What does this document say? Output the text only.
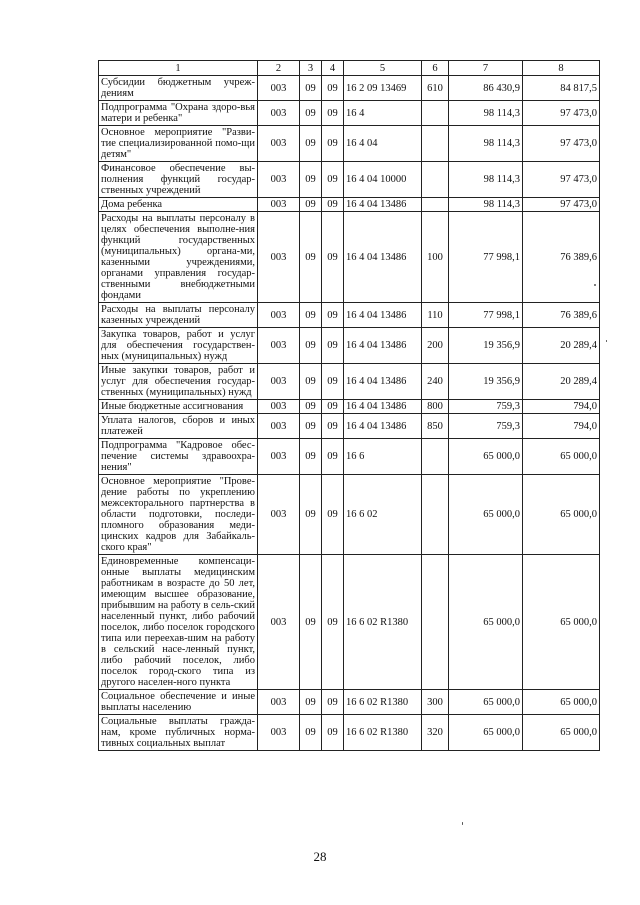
1	2	3	4	5	6	7	8
Субсидии бюджетным учреж-дениям	003	09	09	16 2 09 13469	610	86 430,9	84 817,5
Подпрограмма "Охрана здоро-вья матери и ребенка"	003	09	09	16 4		98 114,3	97 473,0
Основное мероприятие "Разви-тие специализированной помо-щи детям"	003	09	09	16 4 04		98 114,3	97 473,0
Финансовое обеспечение вы-полнения функций государ-ственных учреждений	003	09	09	16 4 04 10000		98 114,3	97 473,0
Дома ребенка	003	09	09	16 4 04 13486		98 114,3	97 473,0
Расходы на выплаты персоналу в целях обеспечения выполне-ния функций государственных (муниципальных) органа-ми, казенными учреждениями, органами управления государ-ственными внебюджетными фондами	003	09	09	16 4 04 13486	100	77 998,1	76 389,6
Расходы на выплаты персоналу казенных учреждений	003	09	09	16 4 04 13486	110	77 998,1	76 389,6
Закупка товаров, работ и услуг для обеспечения государствен-ных (муниципальных) нужд	003	09	09	16 4 04 13486	200	19 356,9	20 289,4
Иные закупки товаров, работ и услуг для обеспечения государ-ственных (муниципальных) нужд	003	09	09	16 4 04 13486	240	19 356,9	20 289,4
Иные бюджетные ассигнования	003	09	09	16 4 04 13486	800	759,3	794,0
Уплата налогов, сборов и иных платежей	003	09	09	16 4 04 13486	850	759,3	794,0
Подпрограмма "Кадровое обес-печение системы здравоохра-нения"	003	09	09	16 6		65 000,0	65 000,0
Основное мероприятие "Прове-дение работы по укреплению межсекторального партнерства в области подготовки, последи-пломного образования меди-цинских кадров для Забайкаль-ского края"	003	09	09	16 6 02		65 000,0	65 000,0
Единовременные компенсаци-онные выплаты медицинским работникам в возрасте до 50 лет, имеющим высшее образование, прибывшим на работу в сель-ский населенный пункт, либо рабочий поселок, либо поселок городского типа или переехав-шим на работу в сельский насе-ленный пункт, либо рабочий поселок, либо поселок город-ского типа из другого населен-ного пункта	003	09	09	16 6 02 R1380		65 000,0	65 000,0
Социальное обеспечение и иные выплаты населению	003	09	09	16 6 02 R1380	300	65 000,0	65 000,0
Социальные выплаты гражда-нам, кроме публичных норма-тивных социальных выплат	003	09	09	16 6 02 R1380	320	65 000,0	65 000,0
28
